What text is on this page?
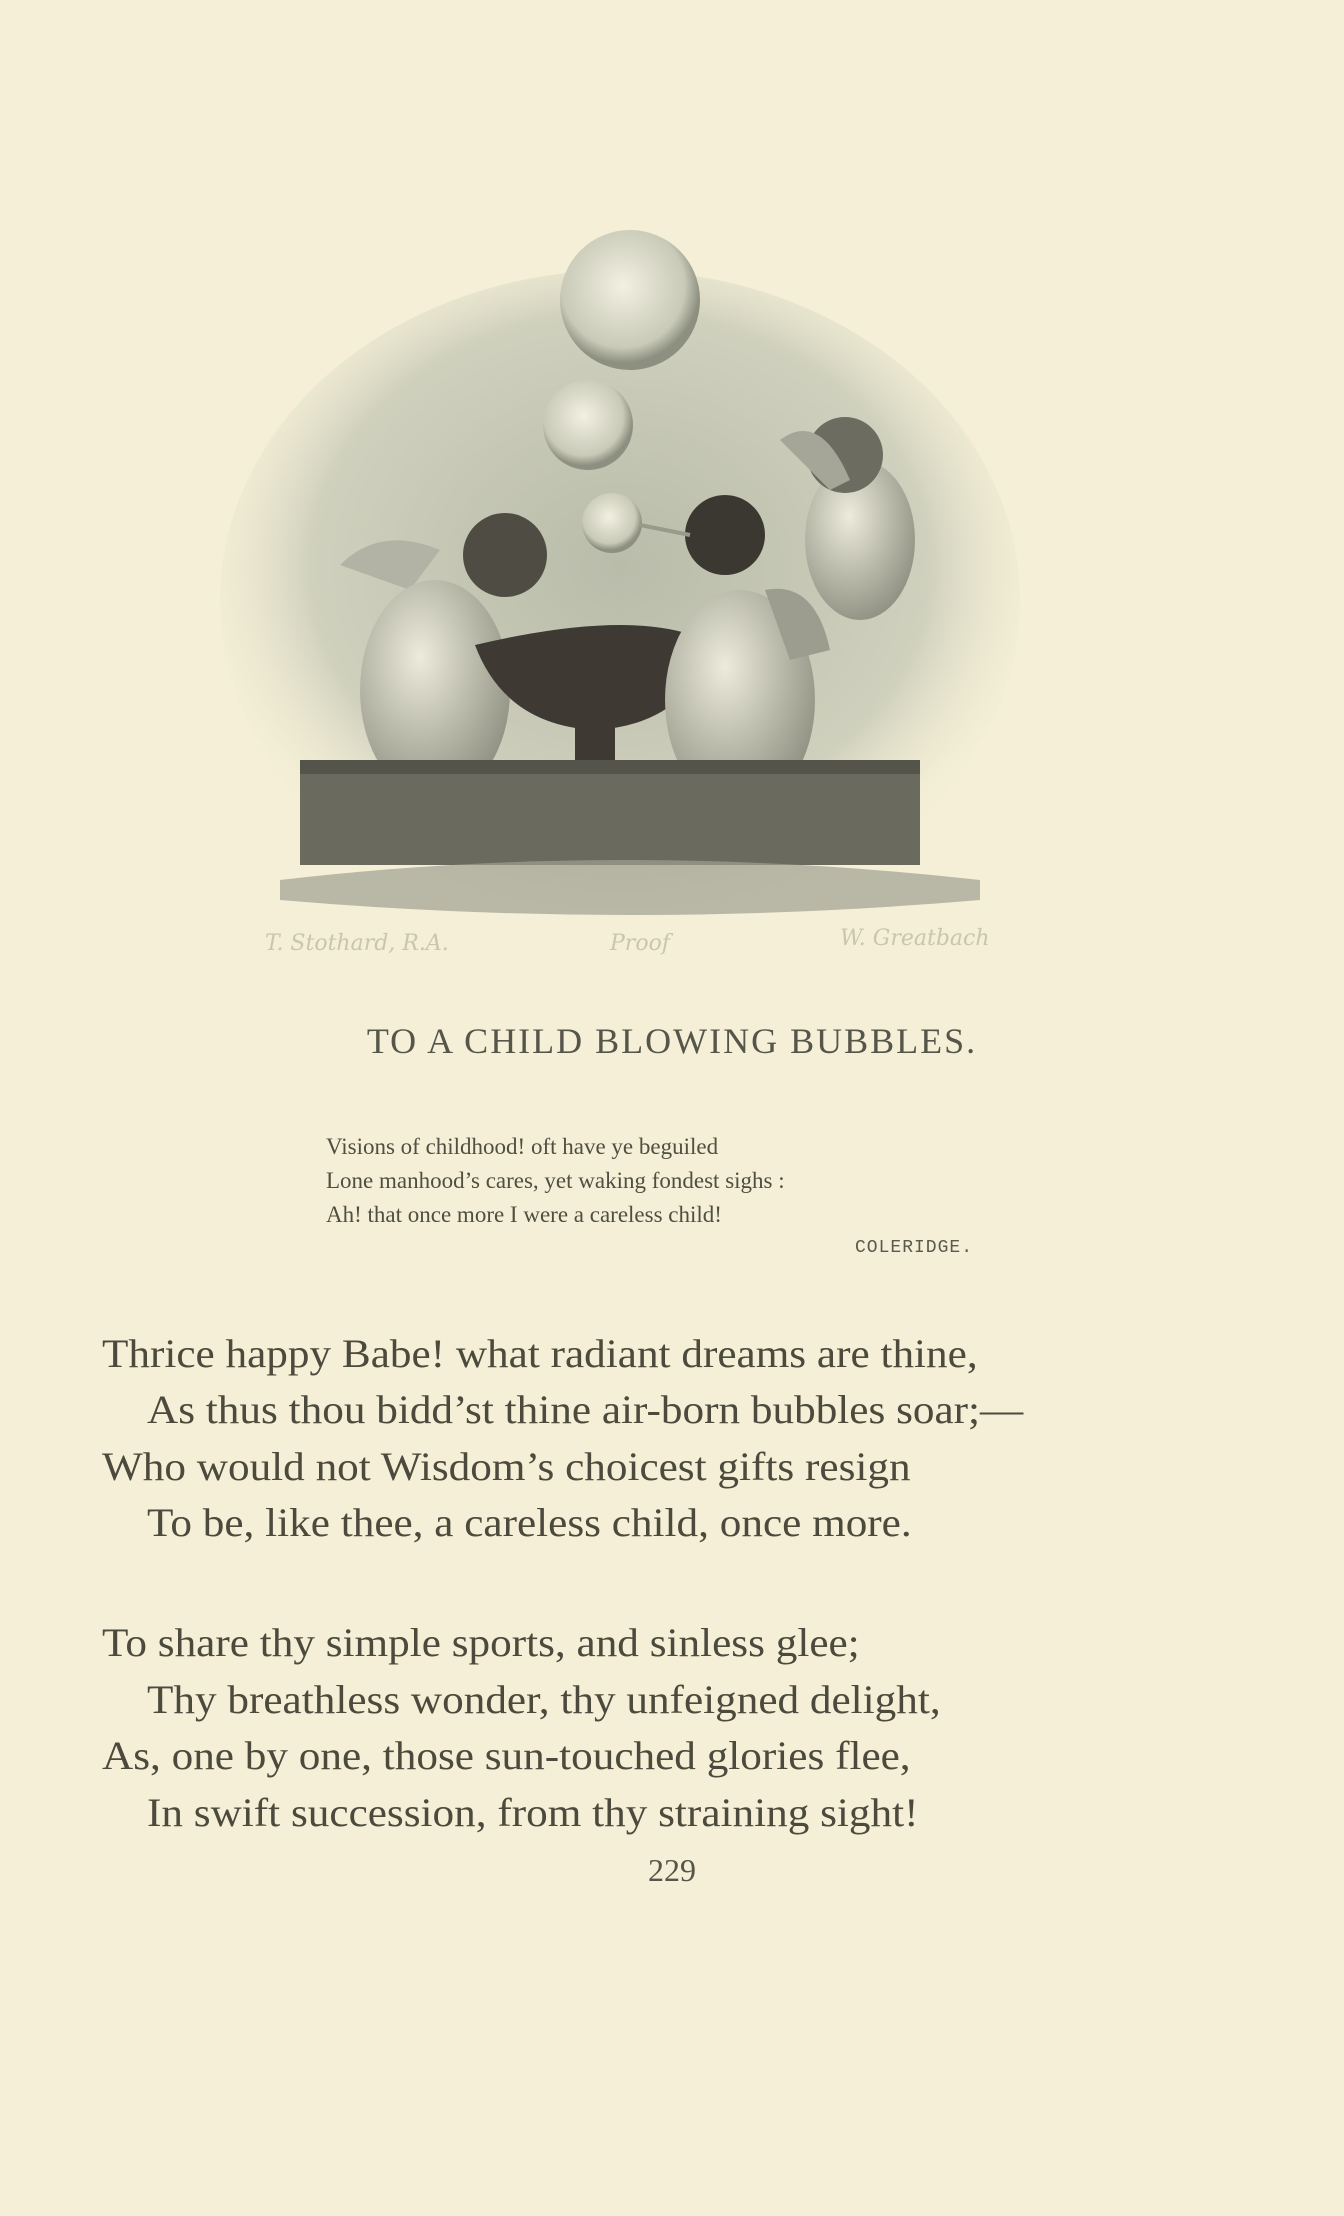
T. Stothard, R.A.	Proof	W. Greatbach
TO A CHILD BLOWING BUBBLES.
Visions of childhood! oft have ye beguiled
Lone manhood’s cares, yet waking fondest sighs :
Ah! that once more I were a careless child!
COLERIDGE.
Thrice happy Babe! what radiant dreams are thine,
As thus thou bidd’st thine air-born bubbles soar;—
Who would not Wisdom’s choicest gifts resign
To be, like thee, a careless child, once more.
To share thy simple sports, and sinless glee;
Thy breathless wonder, thy unfeigned delight,
As, one by one, those sun-touched glories flee,
In swift succession, from thy straining sight!
229
